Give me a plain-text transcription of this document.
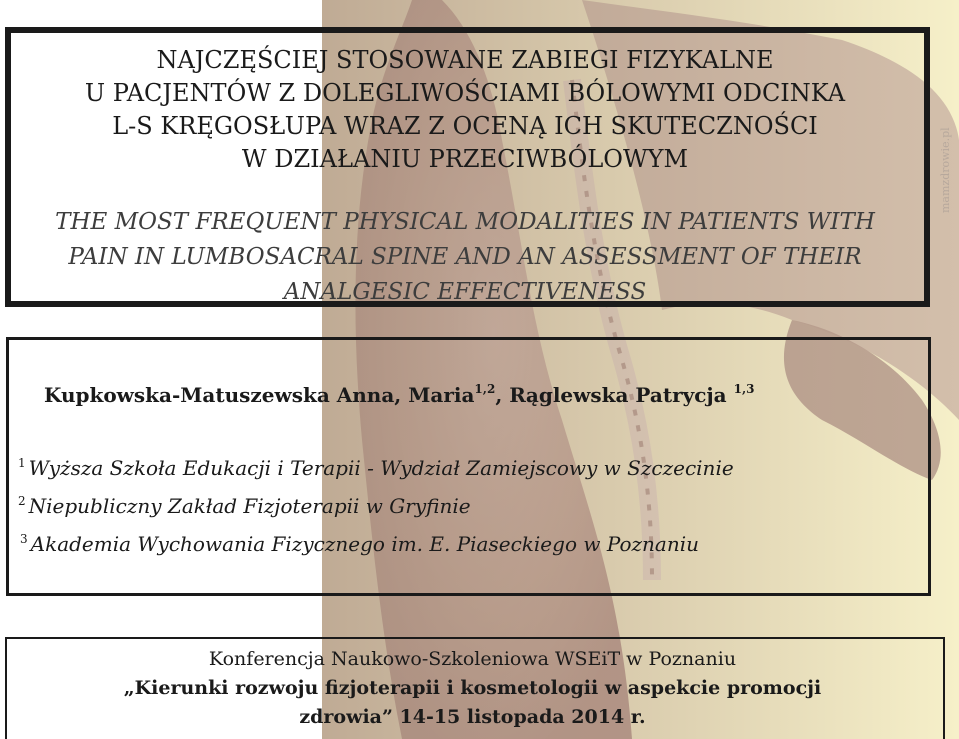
mamzdrowie.pl
NAJCZĘŚCIEJ STOSOWANE ZABIEGI FIZYKALNE
U PACJENTÓW Z DOLEGLIWOŚCIAMI BÓLOWYMI ODCINKA
L-S KRĘGOSŁUPA WRAZ Z OCENĄ ICH SKUTECZNOŚCI
W DZIAŁANIU PRZECIWBÓLOWYM

THE MOST FREQUENT PHYSICAL MODALITIES IN PATIENTS WITH
PAIN IN LUMBOSACRAL SPINE AND AN ASSESSMENT OF THEIR
ANALGESIC EFFECTIVENESS

Kupkowska-Matuszewska Anna, Maria$^{1,2}$, Rąglewska Patrycja $^{1,3}$

$^1$ Wyższa Szkoła Edukacji i Terapii - Wydział Zamiejscowy w Szczecinie

$^2$ Niepubliczny Zakład Fizjoterapii w Gryfinie

$^3$ Akademia Wychowania Fizycznego im. E. Piaseckiego w Poznaniu

Konferencja Naukowo-Szkoleniowa WSEiT w Poznaniu

„Kierunki rozwoju fizjoterapii i kosmetologii w aspekcie promocji

zdrowia” 14-15 listopada 2014 r.
